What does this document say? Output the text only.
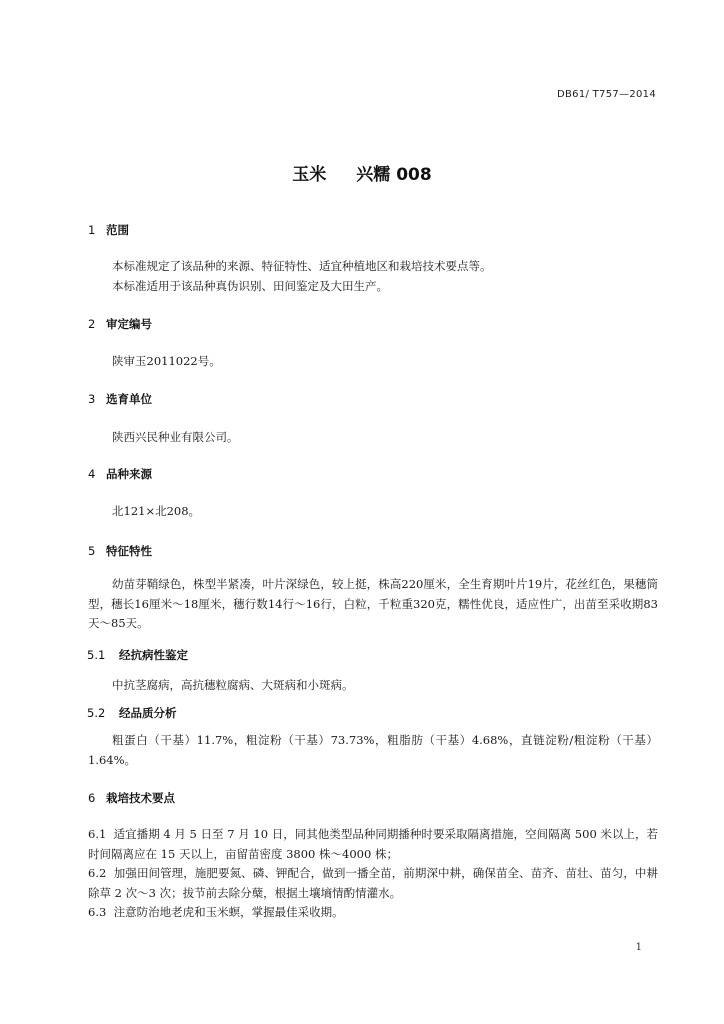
DB61/ T757—2014
玉米 兴糯 008
1 范围
本标准规定了该品种的来源、特征特性、适宜种植地区和栽培技术要点等。
本标准适用于该品种真伪识别、田间鉴定及大田生产。
2 审定编号
陕审玉2011022号。
3 选育单位
陕西兴民种业有限公司。
4 品种来源
北121×北208。
5 特征特性
幼苗芽鞘绿色，株型半紧凑，叶片深绿色，较上挺，株高220厘米，全生育期叶片19片，花丝红色，果穗筒型，穗长16厘米～18厘米，穗行数14行～16行，白粒，千粒重320克，糯性优良，适应性广，出苗至采收期83天～85天。
5.1 经抗病性鉴定
中抗茎腐病，高抗穗粒腐病、大斑病和小斑病。
5.2 经品质分析
粗蛋白（干基）11.7%，粗淀粉（干基）73.73%，粗脂肪（干基）4.68%，直链淀粉/粗淀粉（干基）1.64%。
6 栽培技术要点
6.1 适宜播期 4 月 5 日至 7 月 10 日，同其他类型品种同期播种时要采取隔离措施，空间隔离 500 米以上，若时间隔离应在 15 天以上，亩留苗密度 3800 株～4000 株；
6.2 加强田间管理，施肥要氮、磷、钾配合，做到一播全苗，前期深中耕，确保苗全、苗齐、苗壮、苗匀，中耕除草 2 次～3 次；拔节前去除分蘖，根据土壤墒情酌情灌水。
6.3 注意防治地老虎和玉米螟，掌握最佳采收期。
1
